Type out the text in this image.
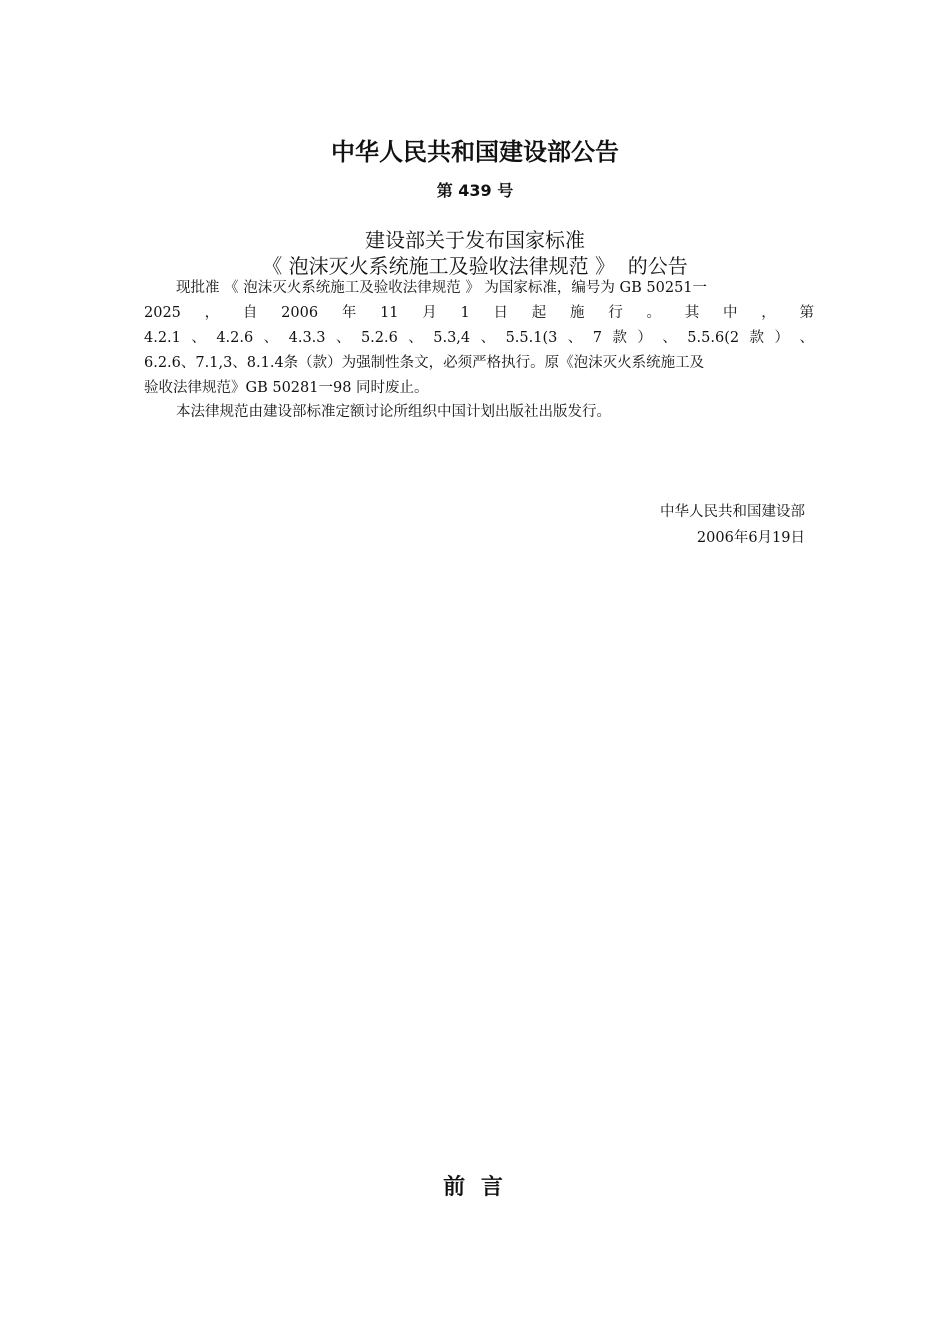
中华人民共和国建设部公告
第 439 号
建设部关于发布国家标准
《 泡沫灭火系统施工及验收法律规范 》  的公告
现批准 《 泡沫灭火系统施工及验收法律规范 》 为国家标准，编号为 GB 50251一
2025 ， 自 2006 年 11 月 1 日 起 施 行 。 其 中 ， 第
4.2.1 、 4.2.6 、 4.3.3 、 5.2.6 、 5.3,4 、 5.5.1(3 、 7 款 ） 、 5.5.6(2 款 ） 、
6.2.6、7.1,3、8.1.4条（款）为强制性条文，必须严格执行。原《泡沫灭火系统施工及
验收法律规范》GB 50281一98 同时废止。
本法律规范由建设部标准定额讨论所组织中国计划出版社出版发行。
中华人民共和国建设部
2006年6月19日
前 言
